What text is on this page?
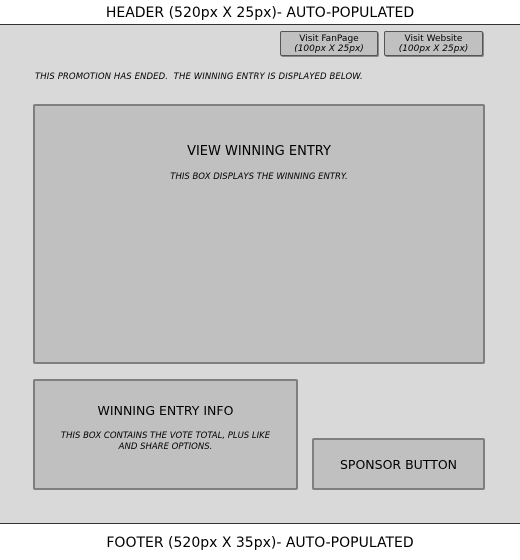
HEADER (520px X 25px)- AUTO-POPULATED
Visit FanPage
(100px X 25px)
Visit Website
(100px X 25px)
THIS PROMOTION HAS ENDED.  THE WINNING ENTRY IS DISPLAYED BELOW.
VIEW WINNING ENTRY
THIS BOX DISPLAYS THE WINNING ENTRY.
WINNING ENTRY INFO
THIS BOX CONTAINS THE VOTE TOTAL, PLUS LIKE AND SHARE OPTIONS.
SPONSOR BUTTON
FOOTER (520px X 35px)- AUTO-POPULATED
